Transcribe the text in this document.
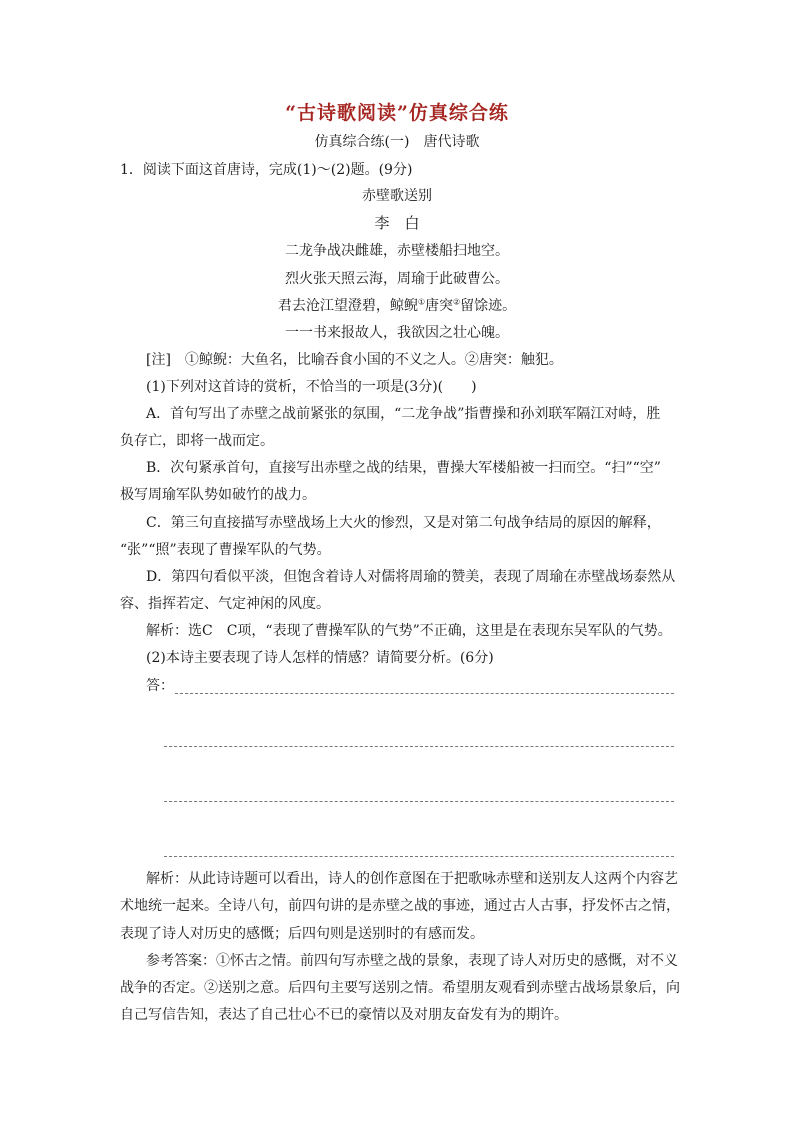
“古诗歌阅读”仿真综合练
仿真综合练(一)　唐代诗歌
1．阅读下面这首唐诗，完成(1)～(2)题。(9分)
赤壁歌送别
李　白
二龙争战决雌雄，赤壁楼船扫地空。
烈火张天照云海，周瑜于此破曹公。
君去沧江望澄碧，鲸鲵①唐突②留馀迹。
一一书来报故人，我欲因之壮心魄。
[注]　①鲸鲵：大鱼名，比喻吞食小国的不义之人。②唐突：触犯。
(1)下列对这首诗的赏析，不恰当的一项是(3分)(　　)
A．首句写出了赤壁之战前紧张的氛围，“二龙争战”指曹操和孙刘联军隔江对峙，胜
负存亡，即将一战而定。
B．次句紧承首句，直接写出赤壁之战的结果，曹操大军楼船被一扫而空。“扫”“空”
极写周瑜军队势如破竹的战力。
C．第三句直接描写赤壁战场上大火的惨烈，又是对第二句战争结局的原因的解释，
“张”“照”表现了曹操军队的气势。
D．第四句看似平淡，但饱含着诗人对儒将周瑜的赞美，表现了周瑜在赤壁战场泰然从
容、指挥若定、气定神闲的风度。
解析：选C　C项，“表现了曹操军队的气势”不正确，这里是在表现东吴军队的气势。
(2)本诗主要表现了诗人怎样的情感？请简要分析。(6分)
答：
解析：从此诗诗题可以看出，诗人的创作意图在于把歌咏赤壁和送别友人这两个内容艺
术地统一起来。全诗八句，前四句讲的是赤壁之战的事迹，通过古人古事，抒发怀古之情，
表现了诗人对历史的感慨；后四句则是送别时的有感而发。
参考答案：①怀古之情。前四句写赤壁之战的景象，表现了诗人对历史的感慨，对不义
战争的否定。②送别之意。后四句主要写送别之情。希望朋友观看到赤壁古战场景象后，向
自己写信告知，表达了自己壮心不已的豪情以及对朋友奋发有为的期许。
